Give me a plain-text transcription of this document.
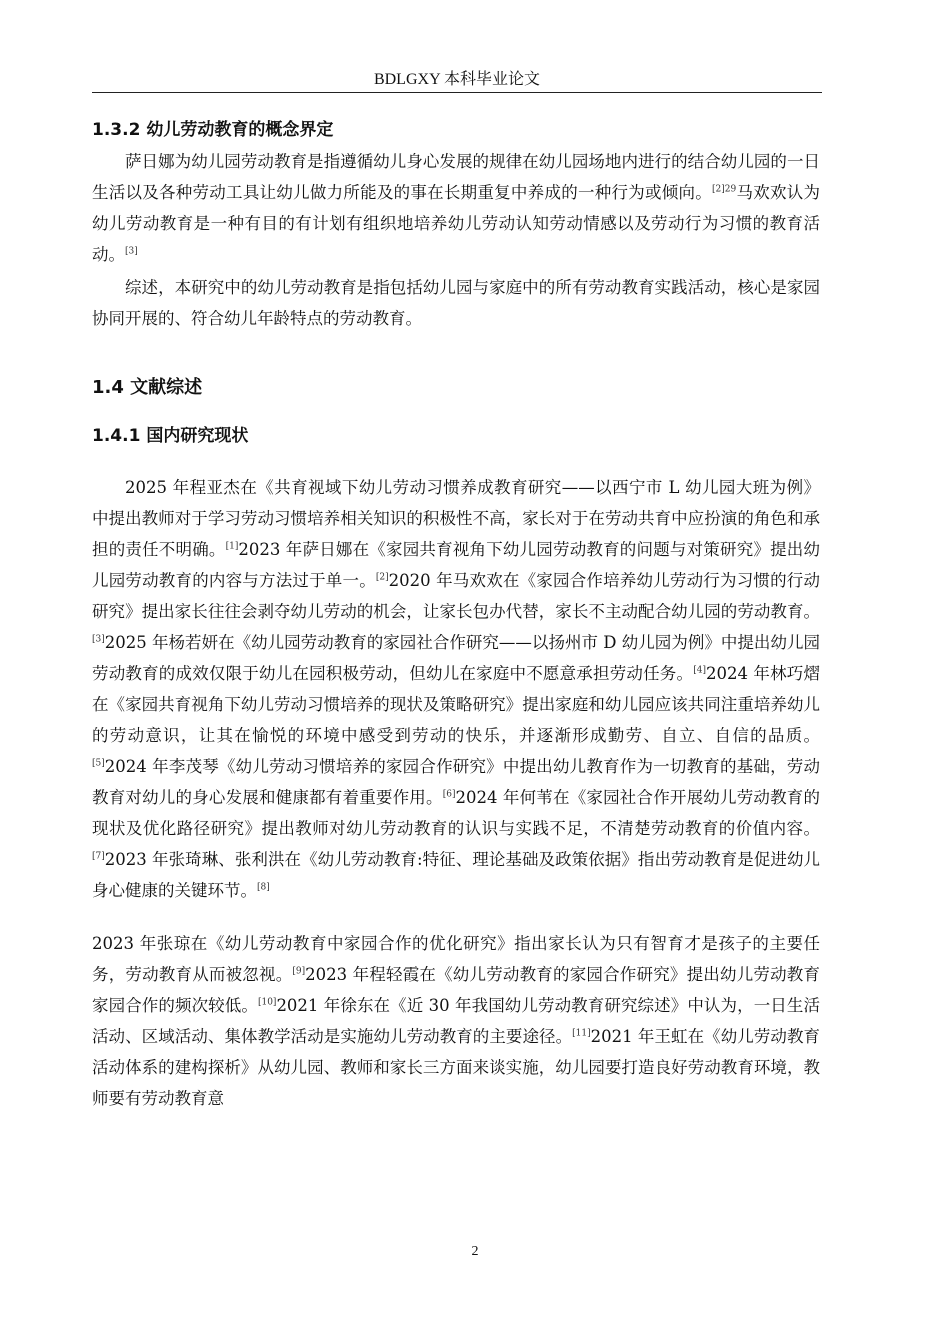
BDLGXY 本科毕业论文
1.3.2 幼儿劳动教育的概念界定

萨日娜为幼儿园劳动教育是指遵循幼儿身心发展的规律在幼儿园场地内进行的结合幼儿园的一日生活以及各种劳动工具让幼儿做力所能及的事在长期重复中养成的一种行为或倾向。$^{[2]29}$马欢欢认为幼儿劳动教育是一种有目的有计划有组织地培养幼儿劳动认知劳动情感以及劳动行为习惯的教育活动。[3]

综述，本研究中的幼儿劳动教育是指包括幼儿园与家庭中的所有劳动教育实践活动，核心是家园协同开展的、符合幼儿年龄特点的劳动教育。

1.4 文献综述
1.4.1 国内研究现状

2025 年程亚杰在《共育视域下幼儿劳动习惯养成教育研究——以西宁市 L 幼儿园大班为例》中提出教师对于学习劳动习惯培养相关知识的积极性不高，家长对于在劳动共育中应扮演的角色和承担的责任不明确。[1]2023 年萨日娜在《家园共育视角下幼儿园劳动教育的问题与对策研究》提出幼儿园劳动教育的内容与方法过于单一。[2]2020 年马欢欢在《家园合作培养幼儿劳动行为习惯的行动研究》提出家长往往会剥夺幼儿劳动的机会，让家长包办代替，家长不主动配合幼儿园的劳动教育。[3]2025 年杨若妍在《幼儿园劳动教育的家园社合作研究——以扬州市 D 幼儿园为例》中提出幼儿园劳动教育的成效仅限于幼儿在园积极劳动，但幼儿在家庭中不愿意承担劳动任务。[4]2024 年林巧熠在《家园共育视角下幼儿劳动习惯培养的现状及策略研究》提出家庭和幼儿园应该共同注重培养幼儿的劳动意识，让其在愉悦的环境中感受到劳动的快乐，并逐渐形成勤劳、自立、自信的品质。[5]2024 年李茂琴《幼儿劳动习惯培养的家园合作研究》中提出幼儿教育作为一切教育的基础，劳动教育对幼儿的身心发展和健康都有着重要作用。[6]2024 年何苇在《家园社合作开展幼儿劳动教育的现状及优化路径研究》提出教师对幼儿劳动教育的认识与实践不足，不清楚劳动教育的价值内容。[7]2023 年张琦琳、张利洪在《幼儿劳动教育:特征、理论基础及政策依据》指出劳动教育是促进幼儿身心健康的关键环节。[8]

2023 年张琼在《幼儿劳动教育中家园合作的优化研究》指出家长认为只有智育才是孩子的主要任务，劳动教育从而被忽视。[9]2023 年程轻霞在《幼儿劳动教育的家园合作研究》提出幼儿劳动教育家园合作的频次较低。[10]2021 年徐东在《近 30 年我国幼儿劳动教育研究综述》中认为，一日生活活动、区域活动、集体教学活动是实施幼儿劳动教育的主要途径。[11]2021 年王虹在《幼儿劳动教育活动体系的建构探析》从幼儿园、教师和家长三方面来谈实施，幼儿园要打造良好劳动教育环境，教师要有劳动教育意

2
